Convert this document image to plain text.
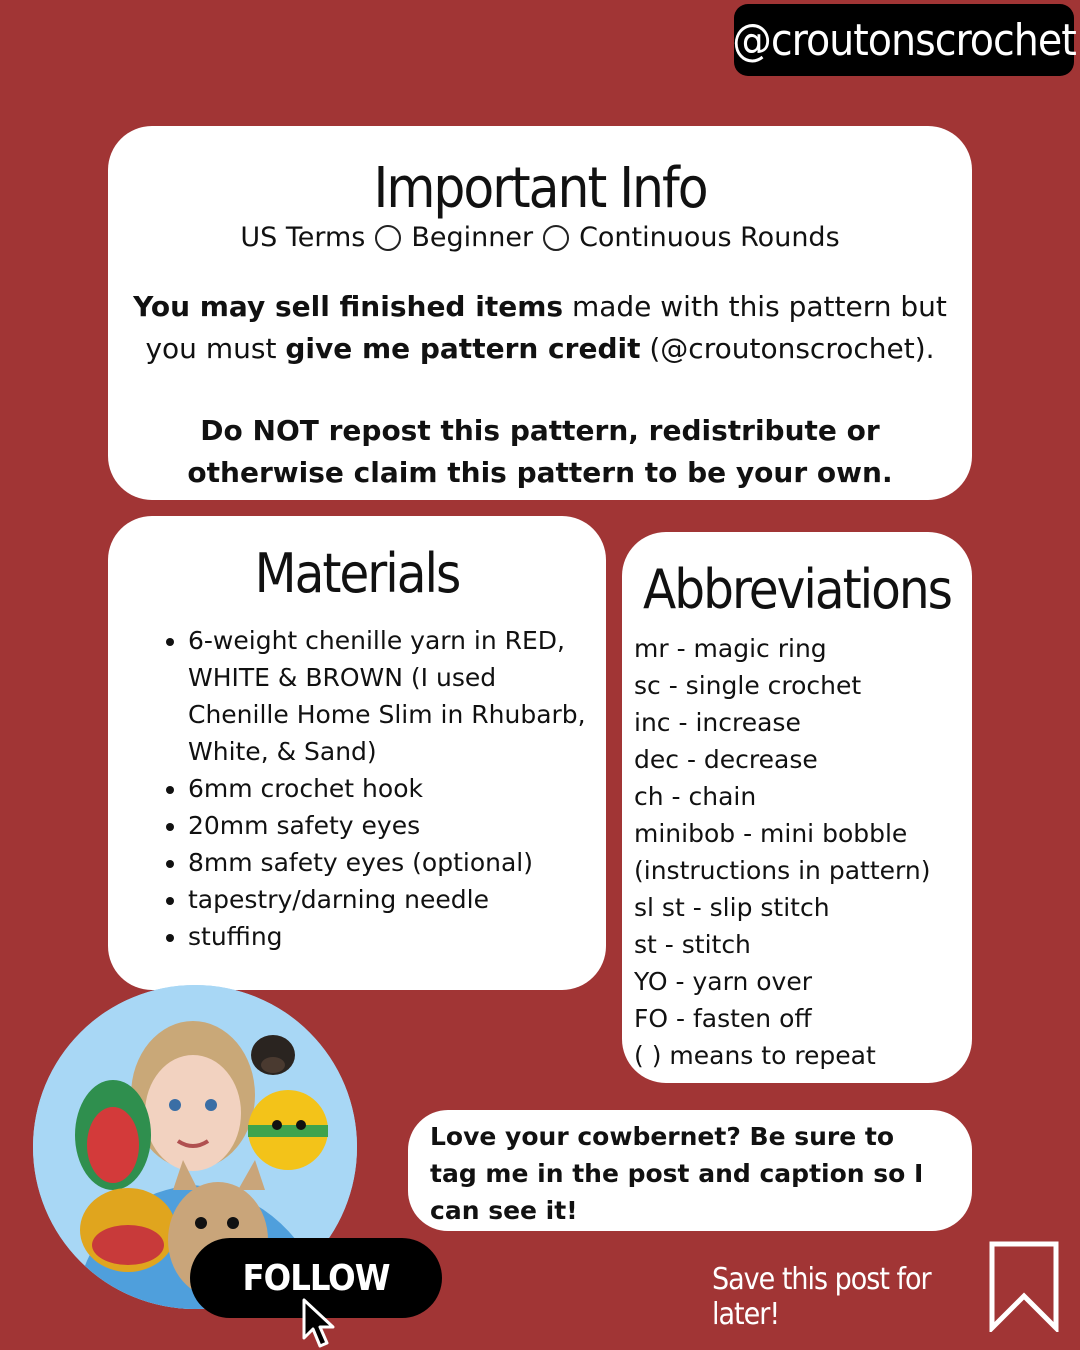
@croutonscrochet
Important Info
US Terms Beginner Continuous Rounds

You may sell finished items made with this pattern but you must give me pattern credit (@croutonscrochet).

Do NOT repost this pattern, redistribute or otherwise claim this pattern to be your own.

Materials
• 6-weight chenille yarn in RED, WHITE & BROWN (I used Chenille Home Slim in Rhubarb, White, & Sand)
• 6mm crochet hook
• 20mm safety eyes
• 8mm safety eyes (optional)
• tapestry/darning needle
• stuffing
Abbreviations
mr - magic ring
sc - single crochet
inc - increase
dec - decrease
ch - chain
minibob - mini bobble
(instructions in pattern)
sl st - slip stitch
st - stitch
YO - yarn over
FO - fasten off
( ) means to repeat

Love your cowbernet? Be sure to tag me in the post and caption so I can see it!

FOLLOW	Save this post for later!
